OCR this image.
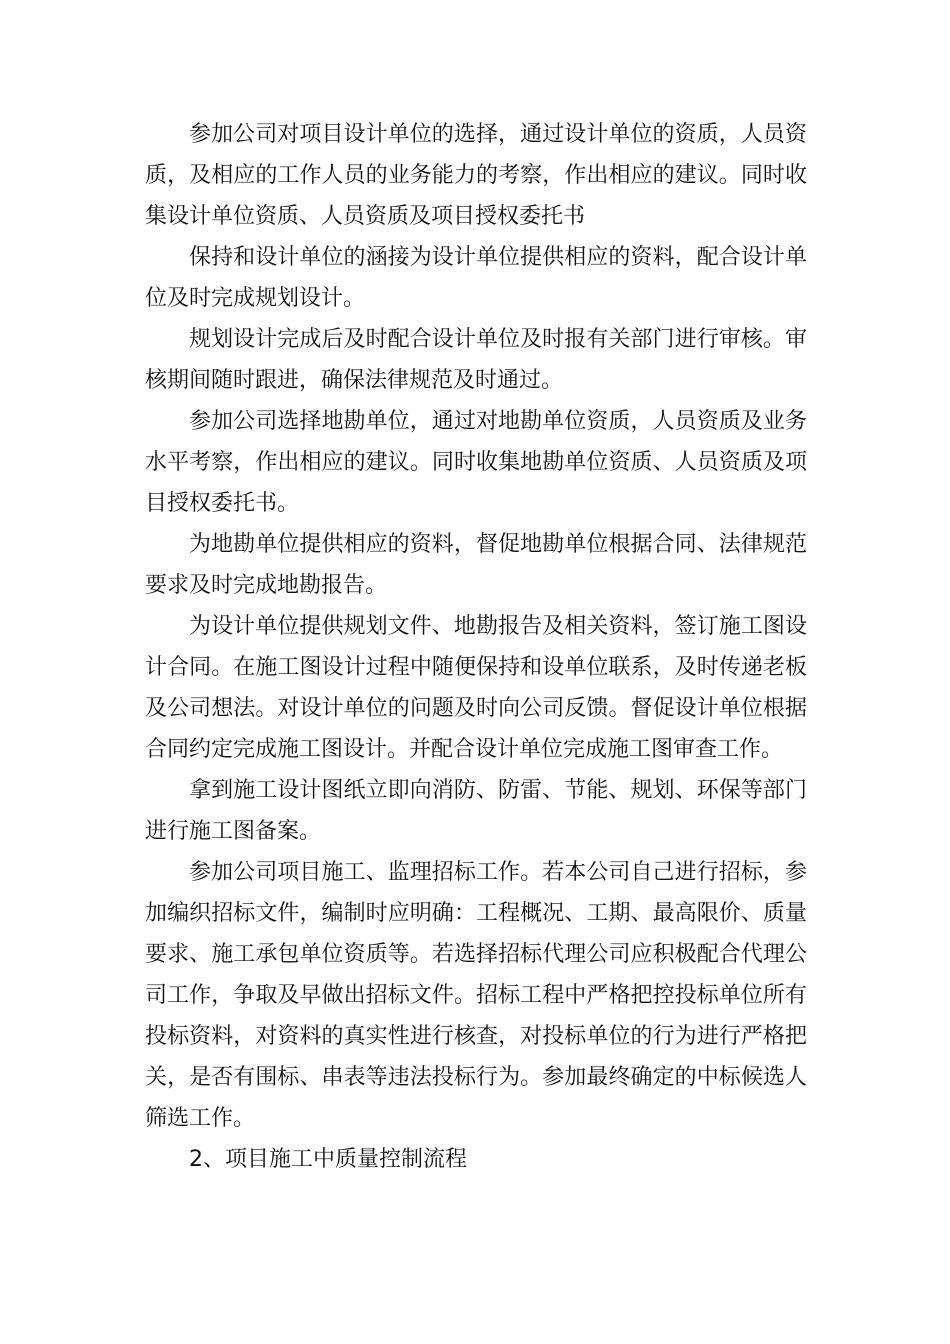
参加公司对项目设计单位的选择，通过设计单位的资质，人员资质，及相应的工作人员的业务能力的考察，作出相应的建议。同时收集设计单位资质、人员资质及项目授权委托书

保持和设计单位的涵接为设计单位提供相应的资料，配合设计单位及时完成规划设计。

规划设计完成后及时配合设计单位及时报有关部门进行审核。审核期间随时跟进，确保法律规范及时通过。

参加公司选择地勘单位，通过对地勘单位资质，人员资质及业务水平考察，作出相应的建议。同时收集地勘单位资质、人员资质及项目授权委托书。

为地勘单位提供相应的资料，督促地勘单位根据合同、法律规范要求及时完成地勘报告。

为设计单位提供规划文件、地勘报告及相关资料，签订施工图设计合同。在施工图设计过程中随便保持和设单位联系，及时传递老板及公司想法。对设计单位的问题及时向公司反馈。督促设计单位根据合同约定完成施工图设计。并配合设计单位完成施工图审查工作。

拿到施工设计图纸立即向消防、防雷、节能、规划、环保等部门进行施工图备案。

参加公司项目施工、监理招标工作。若本公司自己进行招标，参加编织招标文件，编制时应明确：工程概况、工期、最高限价、质量要求、施工承包单位资质等。若选择招标代理公司应积极配合代理公司工作，争取及早做出招标文件。招标工程中严格把控投标单位所有投标资料，对资料的真实性进行核查，对投标单位的行为进行严格把关，是否有围标、串表等违法投标行为。参加最终确定的中标候选人筛选工作。

2、项目施工中质量控制流程
